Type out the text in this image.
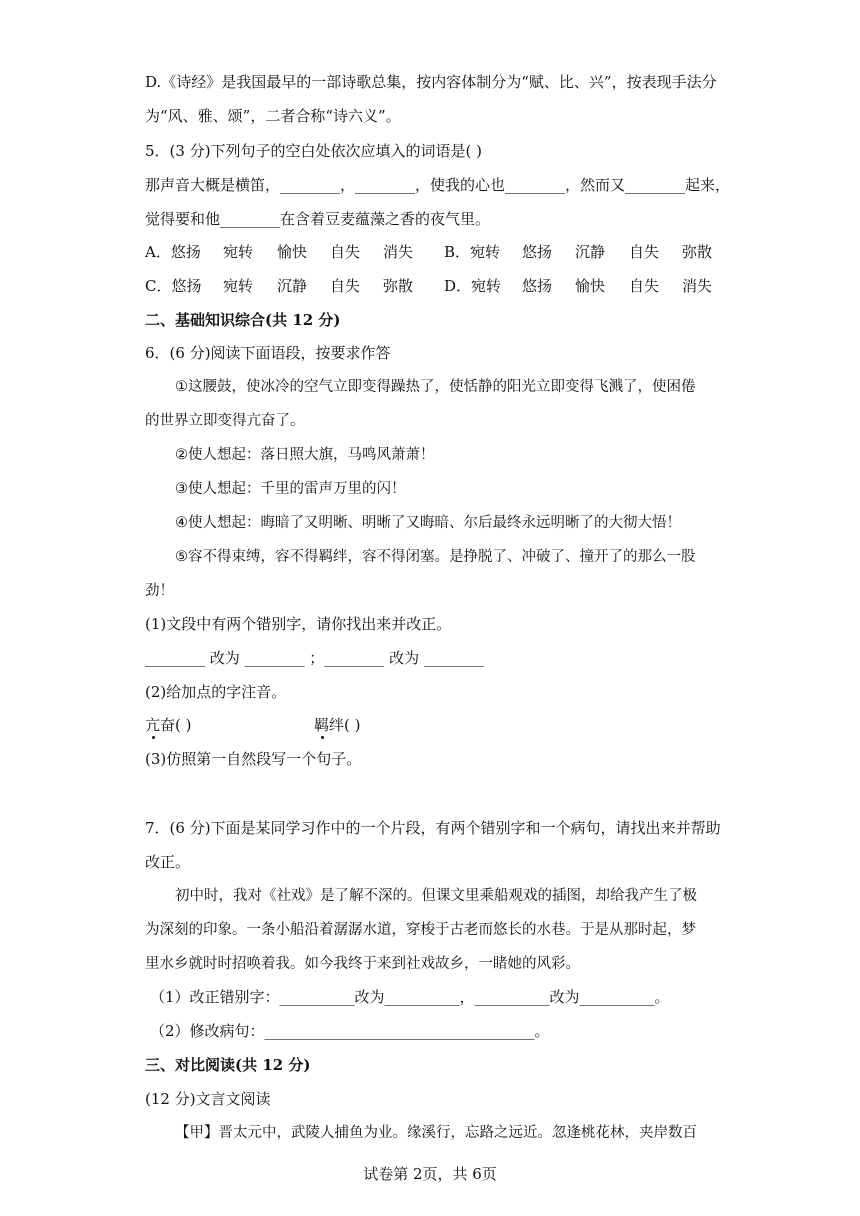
D.《诗经》是我国最早的一部诗歌总集，按内容体制分为“赋、比、兴”，按表现手法分
为“风、雅、颂”，二者合称“诗六义”。
5．(3 分)下列句子的空白处依次应填入的词语是( )
那声音大概是横笛，________，________，使我的心也________，然而又________起来，
觉得要和他________在含着豆麦蕴藻之香的夜气里。
A．悠扬 宛转 愉快 自失 消失 B．宛转 悠扬 沉静 自失 弥散
C．悠扬 宛转 沉静 自失 弥散 D．宛转 悠扬 愉快 自失 消失
二、基础知识综合(共 12 分)
6．(6 分)阅读下面语段，按要求作答
①这腰鼓，使冰冷的空气立即变得躁热了，使恬静的阳光立即变得飞溅了，使困倦
的世界立即变得亢奋了。
②使人想起：落日照大旗，马鸣风萧萧！
③使人想起：千里的雷声万里的闪！
④使人想起：晦暗了又明晰、明晰了又晦暗、尔后最终永远明晰了的大彻大悟！
⑤容不得束缚，容不得羁绊，容不得闭塞。是挣脱了、冲破了、撞开了的那么一股
劲！
(1)文段中有两个错别字，请你找出来并改正。
________ 改为 ________ ；________ 改为 ________
(2)给加点的字注音。
亢奋( )	羁绊( )
(3)仿照第一自然段写一个句子。
7．(6 分)下面是某同学习作中的一个片段，有两个错别字和一个病句，请找出来并帮助
改正。
初中时，我对《社戏》是了解不深的。但课文里乘船观戏的插图，却给我产生了极
为深刻的印象。一条小船沿着潺潺水道，穿梭于古老而悠长的水巷。于是从那时起，梦
里水乡就时时招唤着我。如今我终于来到社戏故乡，一睹她的风彩。
（1）改正错别字：__________改为__________，__________改为__________。
（2）修改病句：____________________________________。
三、对比阅读(共 12 分)
(12 分)文言文阅读
【甲】晋太元中，武陵人捕鱼为业。缘溪行，忘路之远近。忽逢桃花林，夹岸数百
试卷第 2页，共 6页
